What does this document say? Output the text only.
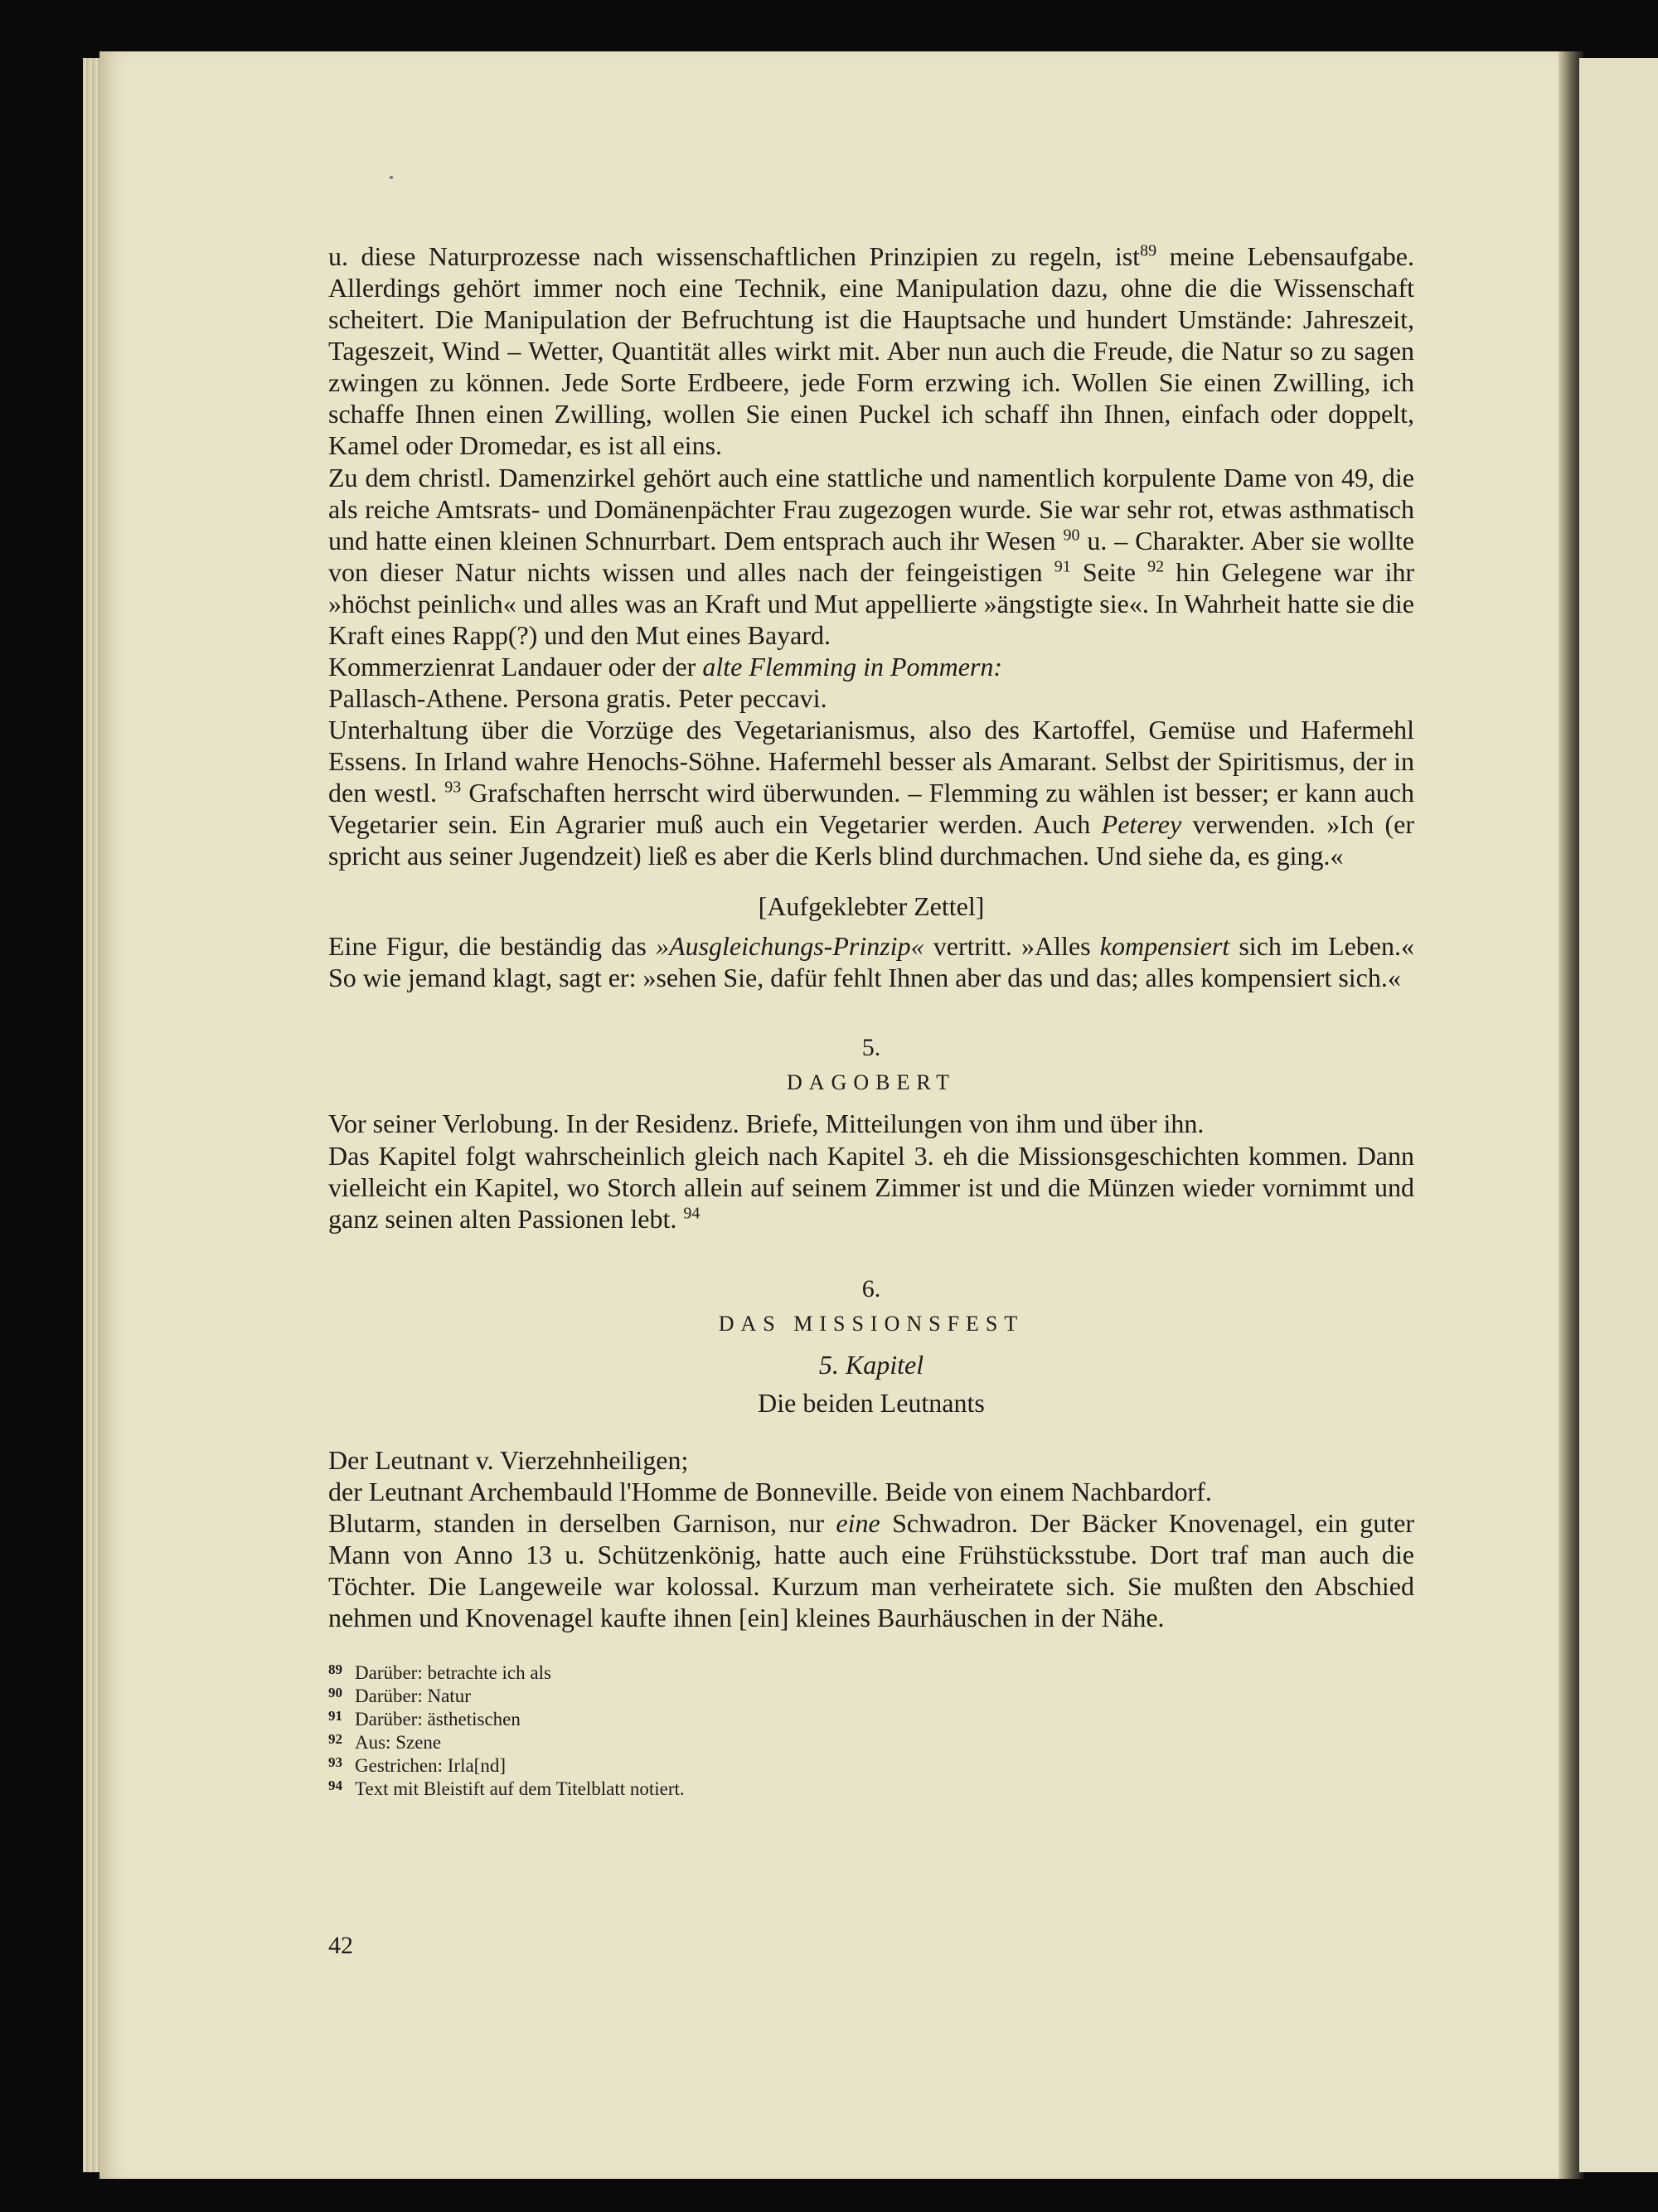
u. diese Naturprozesse nach wissenschaftlichen Prinzipien zu regeln, ist$^{89}$ meine Lebensaufgabe. Allerdings gehört immer noch eine Technik, eine Manipulation dazu, ohne die die Wissenschaft scheitert. Die Manipulation der Befruchtung ist die Hauptsache und hundert Umstände: Jahreszeit, Tageszeit, Wind – Wetter, Quantität alles wirkt mit. Aber nun auch die Freude, die Natur so zu sagen zwingen zu können. Jede Sorte Erdbeere, jede Form erzwing ich. Wollen Sie einen Zwilling, ich schaffe Ihnen einen Zwilling, wollen Sie einen Puckel ich schaff ihn Ihnen, einfach oder doppelt, Kamel oder Dromedar, es ist all eins.

Zu dem christl. Damenzirkel gehört auch eine stattliche und namentlich korpulente Dame von 49, die als reiche Amtsrats- und Domänenpächter Frau zugezogen wurde. Sie war sehr rot, etwas asthmatisch und hatte einen kleinen Schnurrbart. Dem entsprach auch ihr Wesen $^{90}$ u. – Charakter. Aber sie wollte von dieser Natur nichts wissen und alles nach der feingeistigen $^{91}$ Seite $^{92}$ hin Gelegene war ihr »höchst peinlich« und alles was an Kraft und Mut appellierte »ängstigte sie«. In Wahrheit hatte sie die Kraft eines Rapp(?) und den Mut eines Bayard.

Kommerzienrat Landauer oder der alte Flemming in Pommern:

Pallasch-Athene. Persona gratis. Peter peccavi.

Unterhaltung über die Vorzüge des Vegetarianismus, also des Kartoffel, Gemüse und Hafermehl Essens. In Irland wahre Henochs-Söhne. Hafermehl besser als Amarant. Selbst der Spiritismus, der in den westl. $^{93}$ Grafschaften herrscht wird überwunden. – Flemming zu wählen ist besser; er kann auch Vegetarier sein. Ein Agrarier muß auch ein Vegetarier werden. Auch Peterey verwenden. »Ich (er spricht aus seiner Jugendzeit) ließ es aber die Kerls blind durchmachen. Und siehe da, es ging.«

[Aufgeklebter Zettel]

Eine Figur, die beständig das »Ausgleichungs-Prinzip« vertritt. »Alles kompensiert sich im Leben.« So wie jemand klagt, sagt er: »sehen Sie, dafür fehlt Ihnen aber das und das; alles kompensiert sich.«

5.

DAGOBERT

Vor seiner Verlobung. In der Residenz. Briefe, Mitteilungen von ihm und über ihn.

Das Kapitel folgt wahrscheinlich gleich nach Kapitel 3. eh die Missionsgeschichten kommen. Dann vielleicht ein Kapitel, wo Storch allein auf seinem Zimmer ist und die Münzen wieder vornimmt und ganz seinen alten Passionen lebt. $^{94}$

6.

DAS MISSIONSFEST

5. Kapitel

Die beiden Leutnants

Der Leutnant v. Vierzehnheiligen;

der Leutnant Archembauld l'Homme de Bonneville. Beide von einem Nachbardorf.

Blutarm, standen in derselben Garnison, nur eine Schwadron. Der Bäcker Knovenagel, ein guter Mann von Anno 13 u. Schützenkönig, hatte auch eine Frühstücksstube. Dort traf man auch die Töchter. Die Langeweile war kolossal. Kurzum man verheiratete sich. Sie mußten den Abschied nehmen und Knovenagel kaufte ihnen [ein] kleines Baurhäuschen in der Nähe.

89 Darüber: betrachte ich als

90 Darüber: Natur

91 Darüber: ästhetischen

92 Aus: Szene

93 Gestrichen: Irla[nd]

94 Text mit Bleistift auf dem Titelblatt notiert.

42
